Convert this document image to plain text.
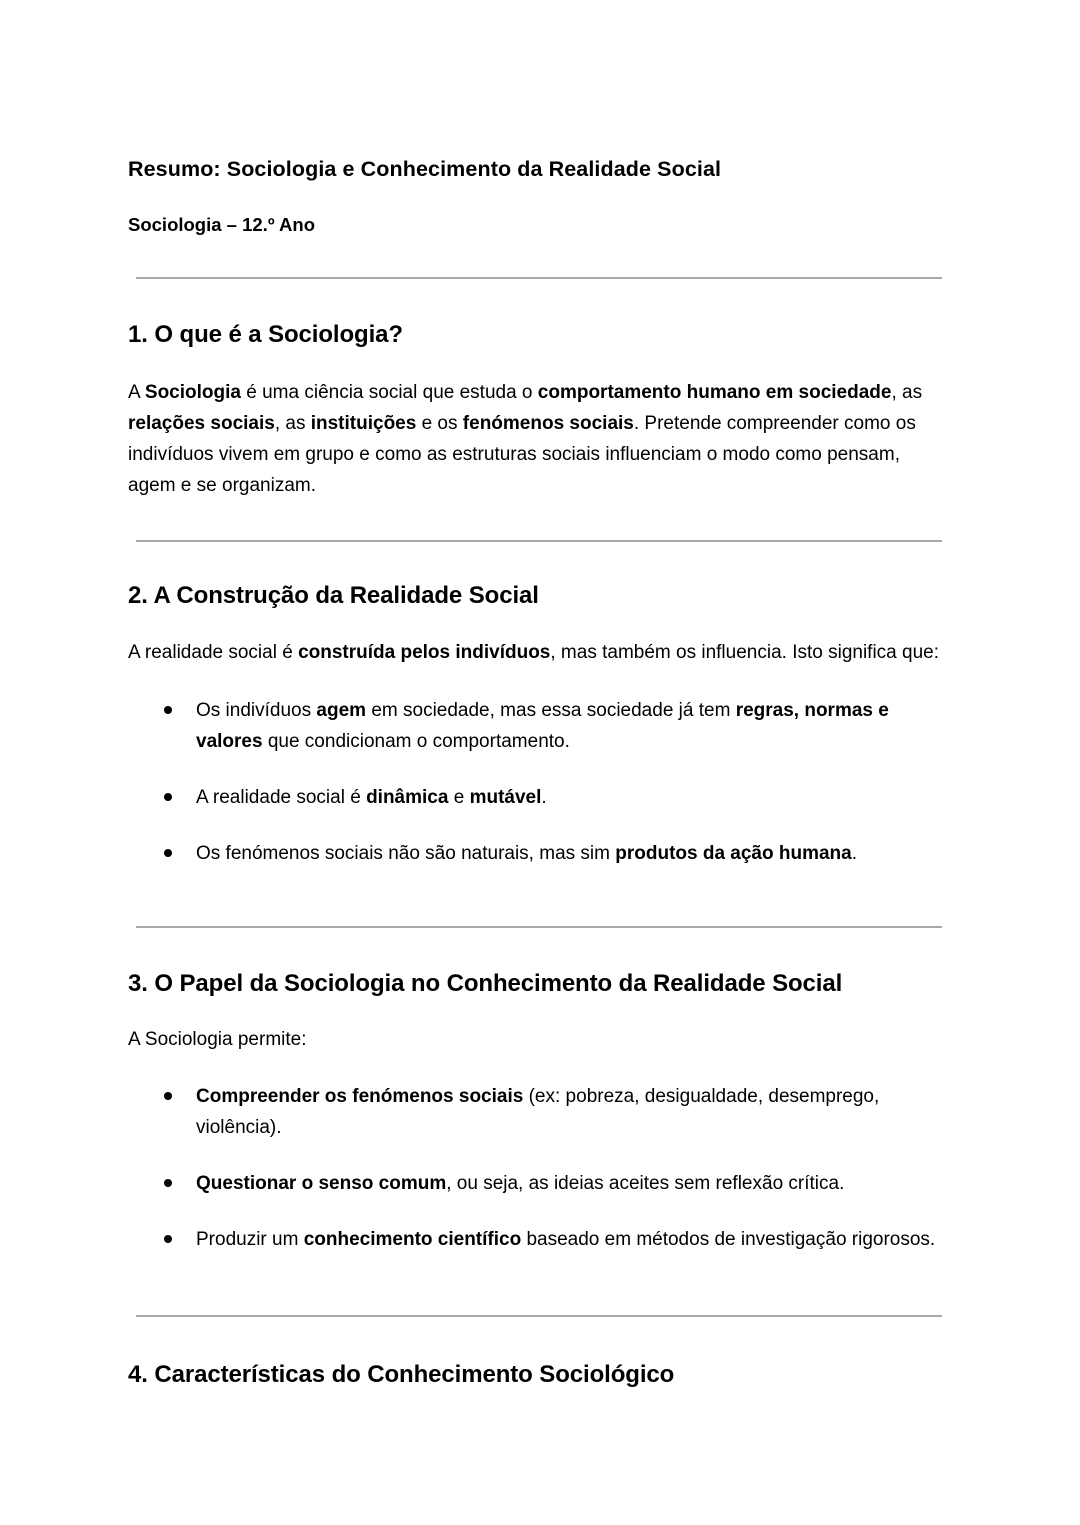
Resumo: Sociologia e Conhecimento da Realidade Social
Sociologia – 12.º Ano
1. O que é a Sociologia?

A Sociologia é uma ciência social que estuda o comportamento humano em sociedade, as relações sociais, as instituições e os fenómenos sociais. Pretende compreender como os indivíduos vivem em grupo e como as estruturas sociais influenciam o modo como pensam, agem e se organizam.

2. A Construção da Realidade Social

A realidade social é construída pelos indivíduos, mas também os influencia. Isto significa que:

Os indivíduos agem em sociedade, mas essa sociedade já tem regras, normas e valores que condicionam o comportamento.
A realidade social é dinâmica e mutável.
Os fenómenos sociais não são naturais, mas sim produtos da ação humana.
3. O Papel da Sociologia no Conhecimento da Realidade Social

A Sociologia permite:

Compreender os fenómenos sociais (ex: pobreza, desigualdade, desemprego, violência).
Questionar o senso comum, ou seja, as ideias aceites sem reflexão crítica.
Produzir um conhecimento científico baseado em métodos de investigação rigorosos.
4. Características do Conhecimento Sociológico
